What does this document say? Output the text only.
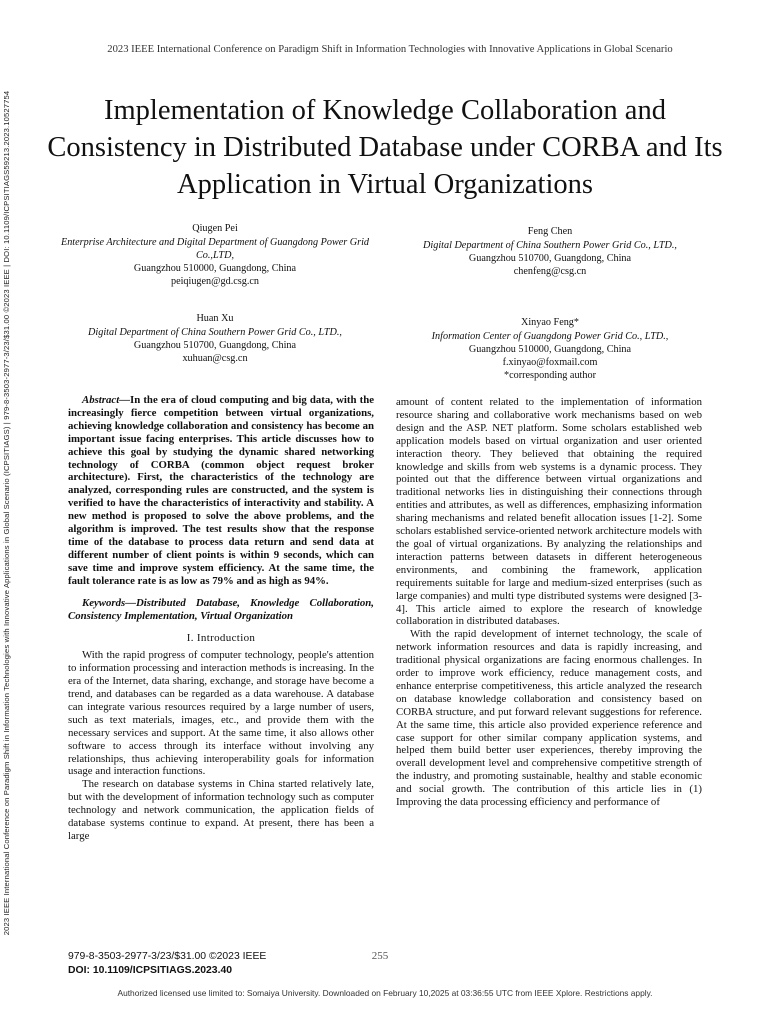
2023 IEEE International Conference on Paradigm Shift in Information Technologies with Innovative Applications in Global Scenario (ICPSITIAGS) | 979-8-3503-2977-3/23/$31.00 ©2023 IEEE | DOI: 10.1109/ICPSITIAGS59213.2023.10527754
2023 IEEE International Conference on Paradigm Shift in Information Technologies with Innovative Applications in Global Scenario
Implementation of Knowledge Collaboration and Consistency in Distributed Database under CORBA and Its Application in Virtual Organizations
Qiugen Pei
Enterprise Architecture and Digital Department of Guangdong Power Grid Co.,LTD,
Guangzhou 510000, Guangdong, China
peiqiugen@gd.csg.cn
Huan Xu
Digital Department of China Southern Power Grid Co., LTD.,
Guangzhou 510700, Guangdong, China
xuhuan@csg.cn
Feng Chen
Digital Department of China Southern Power Grid Co., LTD.,
Guangzhou 510700, Guangdong, China
chenfeng@csg.cn
Xinyao Feng*
Information Center of Guangdong Power Grid Co., LTD.,
Guangzhou 510000, Guangdong, China
f.xinyao@foxmail.com
*corresponding author

Abstract—In the era of cloud computing and big data, with the increasingly fierce competition between virtual organizations, achieving knowledge collaboration and consistency has become an important issue facing enterprises. This article discusses how to achieve this goal by studying the dynamic shared networking technology of CORBA (common object request broker architecture). First, the characteristics of the technology are analyzed, corresponding rules are constructed, and the system is verified to have the characteristics of interactivity and stability. A new method is proposed to solve the above problems, and the algorithm is improved. The test results show that the response time of the database to process data return and send data at different number of client points is within 9 seconds, which can save time and improve system efficiency. At the same time, the fault tolerance rate is as low as 79% and as high as 94%.

Keywords—Distributed Database, Knowledge Collaboration, Consistency Implementation, Virtual Organization

I. Introduction

With the rapid progress of computer technology, people's attention to information processing and interaction methods is increasing. In the era of the Internet, data sharing, exchange, and storage have become a trend, and databases can be regarded as a data warehouse. A database can integrate various resources required by a large number of users, such as text materials, images, etc., and provide them with the necessary services and support. At the same time, it also allows other software to access through its interface without involving any relationships, thus achieving interoperability goals for information usage and interaction functions.

The research on database systems in China started relatively late, but with the development of information technology such as computer technology and network communication, the application fields of database systems continue to expand. At present, there has been a large

amount of content related to the implementation of information resource sharing and collaborative work mechanisms based on web design and the ASP. NET platform. Some scholars established web application models based on virtual organization and user oriented interaction theory. They believed that obtaining the required knowledge and skills from web systems is a dynamic process. They pointed out that the difference between virtual organizations and traditional networks lies in distinguishing their connections through entities and attributes, as well as differences, emphasizing information sharing mechanisms and related benefit allocation issues [1-2]. Some scholars established service-oriented network architecture models with the goal of virtual organizations. By analyzing the relationships and interaction patterns between datasets in different heterogeneous environments, and combining the framework, application requirements suitable for large and medium-sized enterprises (such as large companies) and multi type distributed systems were designed [3-4]. This article aimed to explore the research of knowledge collaboration in distributed databases.

With the rapid development of internet technology, the scale of network information resources and data is rapidly increasing, and traditional physical organizations are facing enormous challenges. In order to improve work efficiency, reduce management costs, and enhance enterprise competitiveness, this article analyzed the research on database knowledge collaboration and consistency based on CORBA structure, and put forward relevant suggestions for reference. At the same time, this article also provided experience reference and case support for other similar company application systems, and helped them build better user experiences, thereby improving the overall development level and comprehensive competitive strength of the industry, and promoting sustainable, healthy and stable economic and social growth. The contribution of this article lies in (1) Improving the data processing efficiency and performance of

979-8-3503-2977-3/23/$31.00 ©2023 IEEE
DOI: 10.1109/ICPSITIAGS.2023.40
255
Authorized licensed use limited to: Somaiya University. Downloaded on February 10,2025 at 03:36:55 UTC from IEEE Xplore. Restrictions apply.
